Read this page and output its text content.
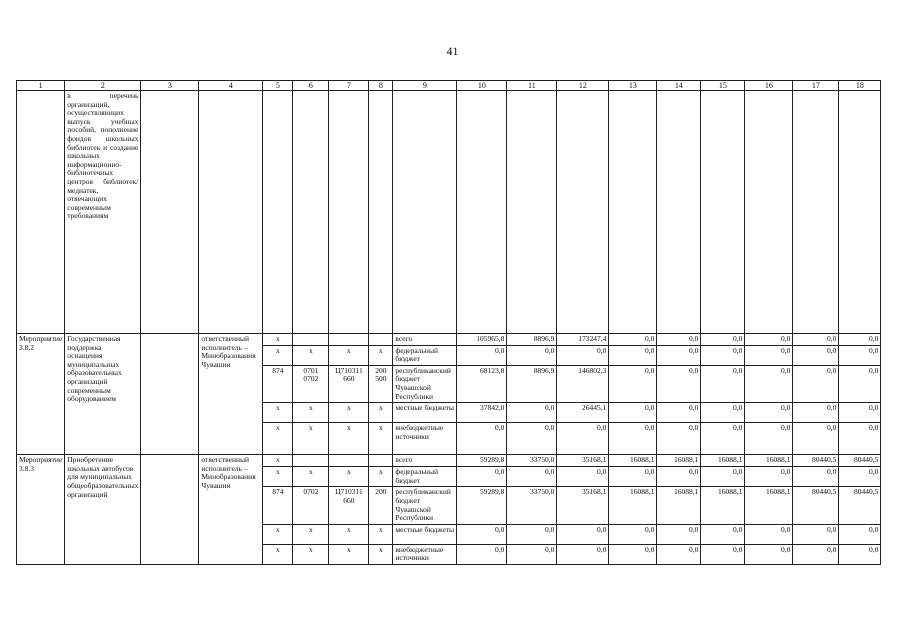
41
1	2	3	4	5	6	7	8	9	10	11	12	13	14	15	16	17	18
	в перечень организаций, осуществляющих выпуск учебных пособий, пополнение фондов школьных библиотек и создание школьных информационно-библиотечных центров библиотек/ медиатек, отвечающих современным требованиям																
Мероприятие 3.8.2	Государственная поддержка оснащения муниципальных образовательных организаций современным оборудованием		ответственный исполнитель – Минобразования Чувашии	x				всего	105965,8	8896,9	173247,4	0,0	0,0	0,0	0,0	0,0	0,0
				x	x	x	x	федеральный бюджет	0,0	0,0	0,0	0,0	0,0	0,0	0,0	0,0	0,0
				874	0701 0702	Ц710311 660	200 500	республиканский бюджет Чувашской Республики	68123,8	8896,9	146802,3	0,0	0,0	0,0	0,0	0,0	0,0
				x	x	x	x	местные бюджеты	37842,0	0,0	26445,1	0,0	0,0	0,0	0,0	0,0	0,0
				x	x	x	x	внебюджетные источники	0,0	0,0	0,0	0,0	0,0	0,0	0,0	0,0	0,0
Мероприятие 3.8.3	Приобретение школьных автобусов для муниципальных общеобразовательных организаций		ответственный исполнитель – Минобразования Чувашии	x				всего	59289,8	33750,0	35168,1	16088,1	16088,1	16088,1	16088,1	80440,5	80440,5
				x	x	x	x	федеральный бюджет	0,0	0,0	0,0	0,0	0,0	0,0	0,0	0,0	0,0
				874	0702	Ц710311 660	200	республиканский бюджет Чувашской Республики	59289,8	33750,0	35168,1	16088,1	16088,1	16088,1	16088,1	80440,5	80440,5
				x	x	x	x	местные бюджеты	0,0	0,0	0,0	0,0	0,0	0,0	0,0	0,0	0,0
				x	x	x	x	внебюджетные источники	0,0	0,0	0,0	0,0	0,0	0,0	0,0	0,0	0,0
